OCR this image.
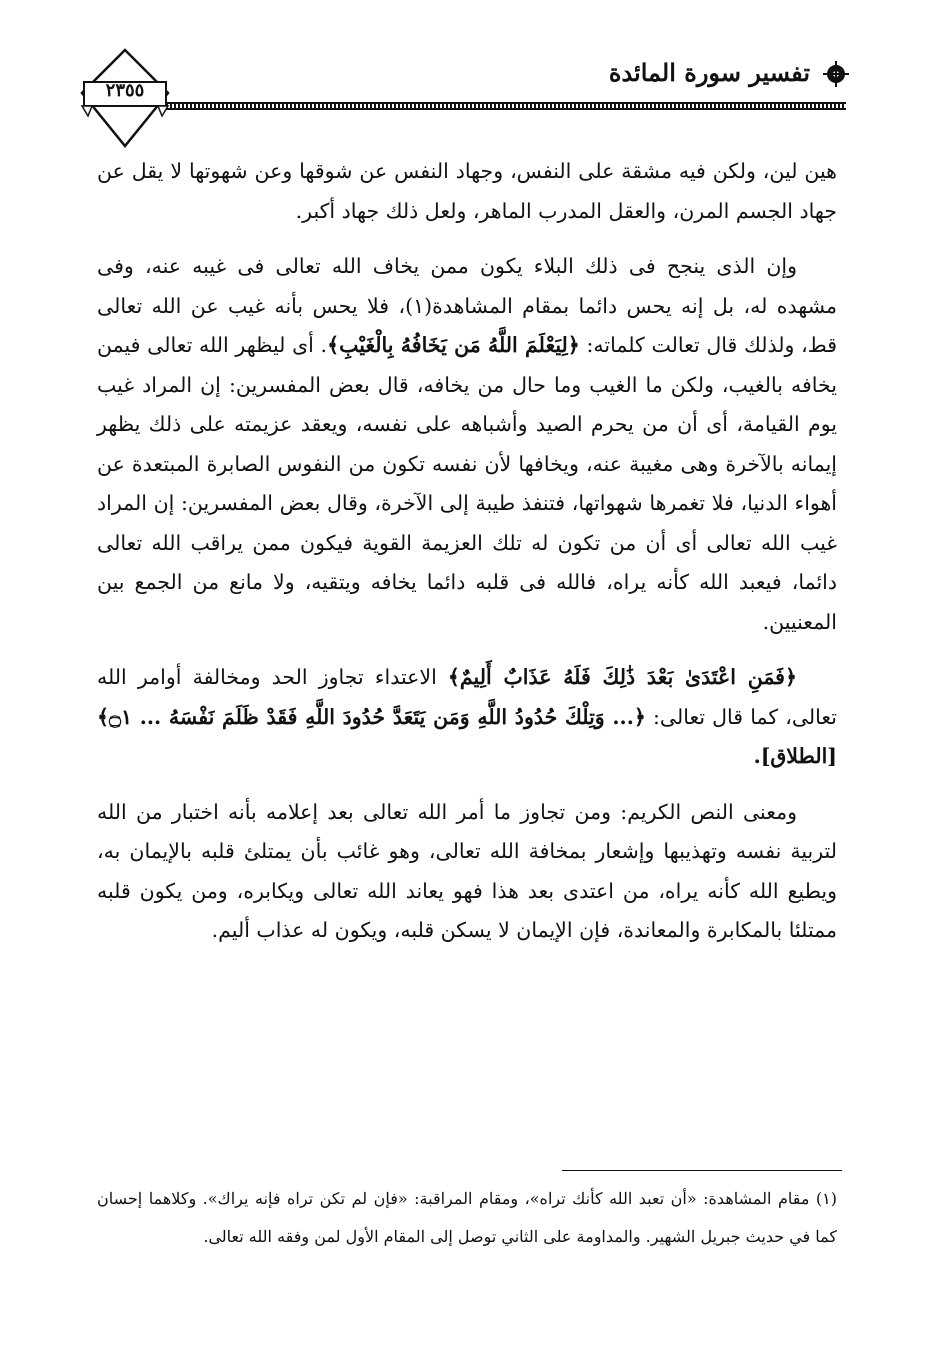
تفسير سورة المائدة
٢٣٥٥

هين لين، ولكن فيه مشقة على النفس، وجهاد النفس عن شوقها وعن شهوتها لا يقل عن جهاد الجسم المرن، والعقل المدرب الماهر، ولعل ذلك جهاد أكبر.

وإن الذى ينجح فى ذلك البلاء يكون ممن يخاف الله تعالى فى غيبه عنه، وفى مشهده له، بل إنه يحس دائما بمقام المشاهدة(١)، فلا يحس بأنه غيب عن الله تعالى قط، ولذلك قال تعالت كلماته: ﴿لِيَعْلَمَ اللَّهُ مَن يَخَافُهُ بِالْغَيْبِ﴾. أى ليظهر الله تعالى فيمن يخافه بالغيب، ولكن ما الغيب وما حال من يخافه، قال بعض المفسرين: إن المراد غيب يوم القيامة، أى أن من يحرم الصيد وأشباهه على نفسه، ويعقد عزيمته على ذلك يظهر إيمانه بالآخرة وهى مغيبة عنه، ويخافها لأن نفسه تكون من النفوس الصابرة المبتعدة عن أهواء الدنيا، فلا تغمرها شهواتها، فتنفذ طيبة إلى الآخرة، وقال بعض المفسرين: إن المراد غيب الله تعالى أى أن من تكون له تلك العزيمة القوية فيكون ممن يراقب الله تعالى دائما، فيعبد الله كأنه يراه، فالله فى قلبه دائما يخافه ويتقيه، ولا مانع من الجمع بين المعنيين.

﴿فَمَنِ اعْتَدَىٰ بَعْدَ ذَٰلِكَ فَلَهُ عَذَابٌ أَلِيمٌ﴾ الاعتداء تجاوز الحد ومخالفة أوامر الله تعالى، كما قال تعالى: ﴿... وَتِلْكَ حُدُودُ اللَّهِ وَمَن يَتَعَدَّ حُدُودَ اللَّهِ فَقَدْ ظَلَمَ نَفْسَهُ ... ۝١﴾ [الطلاق].

ومعنى النص الكريم: ومن تجاوز ما أمر الله تعالى بعد إعلامه بأنه اختبار من الله لتربية نفسه وتهذيبها وإشعار بمخافة الله تعالى، وهو غائب بأن يمتلئ قلبه بالإيمان به، ويطيع الله كأنه يراه، من اعتدى بعد هذا فهو يعاند الله تعالى ويكابره، ومن يكون قلبه ممتلئا بالمكابرة والمعاندة، فإن الإيمان لا يسكن قلبه، ويكون له عذاب أليم.

(١) مقام المشاهدة: «أن تعبد الله كأنك تراه»، ومقام المراقبة: «فإن لم تكن تراه فإنه يراك». وكلاهما إحسان كما في حديث جبريل الشهير. والمداومة على الثاني توصل إلى المقام الأول لمن وفقه الله تعالى.
